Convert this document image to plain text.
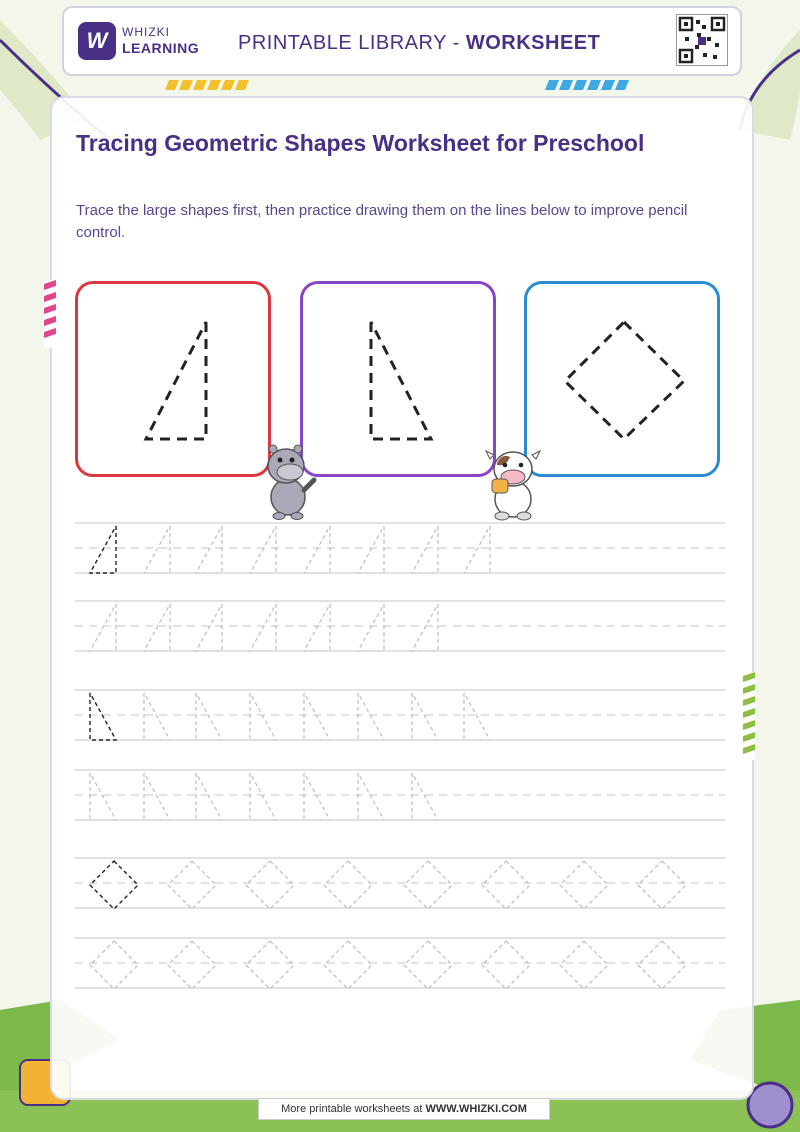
W WHIZKI
LEARNING PRINTABLE LIBRARY - WORKSHEET
Tracing Geometric Shapes Worksheet for Preschool
Trace the large shapes first, then practice drawing them on the lines below to improve pencil control.
More printable worksheets at WWW.WHIZKI.COM
